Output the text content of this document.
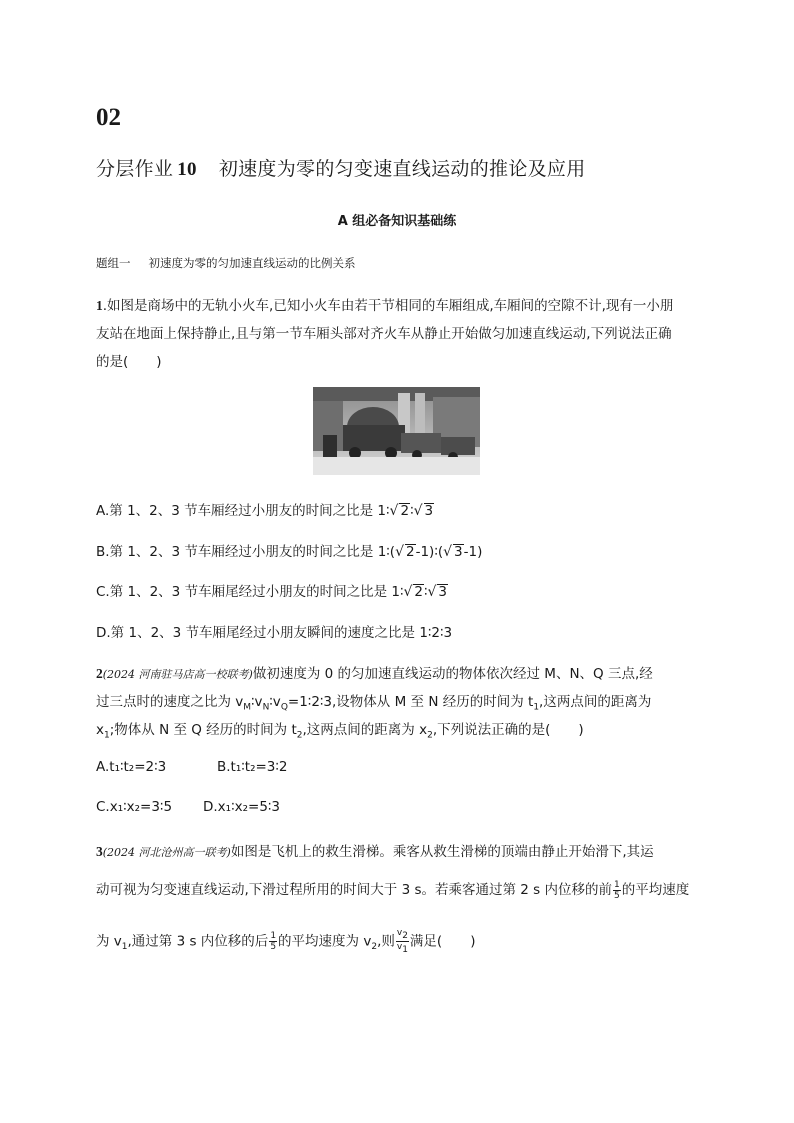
02
分层作业 10 初速度为零的匀变速直线运动的推论及应用
A 组必备知识基础练
题组一 初速度为零的匀加速直线运动的比例关系
1.如图是商场中的无轨小火车,已知小火车由若干节相同的车厢组成,车厢间的空隙不计,现有一小朋
友站在地面上保持静止,且与第一节车厢头部对齐火车从静止开始做匀加速直线运动,下列说法正确
的是( )
A.第 1、2、3 节车厢经过小朋友的时间之比是 1∶√ 2∶√ 3
B.第 1、2、3 节车厢经过小朋友的时间之比是 1∶(√ 2-1)∶(√ 3-1)
C.第 1、2、3 节车厢尾经过小朋友的时间之比是 1∶√ 2∶√ 3
D.第 1、2、3 节车厢尾经过小朋友瞬间的速度之比是 1∶2∶3
2(2024 河南驻马店高一校联考)做初速度为 0 的匀加速直线运动的物体依次经过 M、N、Q 三点,经
过三点时的速度之比为 $v_M∶v_N∶v_Q=1∶2∶3$,设物体从 M 至 N 经历的时间为 $t_1$,这两点间的距离为
$x_1$;物体从 N 至 Q 经历的时间为 $t_2$,这两点间的距离为 $x_2$,下列说法正确的是( )
A.t₁∶t₂=2∶3	B.t₁∶t₂=3∶2
C.x₁∶x₂=3∶5 D.x₁∶x₂=5∶3
3(2024 河北沧州高一联考)如图是飞机上的救生滑梯。乘客从救生滑梯的顶端由静止开始滑下,其运
动可视为匀变速直线运动,下滑过程所用的时间大于 3 s。若乘客通过第 2 s 内位移的前 $\frac{1}{5}$ 的平均速度
为 $v_1$,通过第 3 s 内位移的后 $\frac{1}{5}$ 的平均速度为 $v_2$,则 $\frac{v_2}{v_1}$ 满足( )
